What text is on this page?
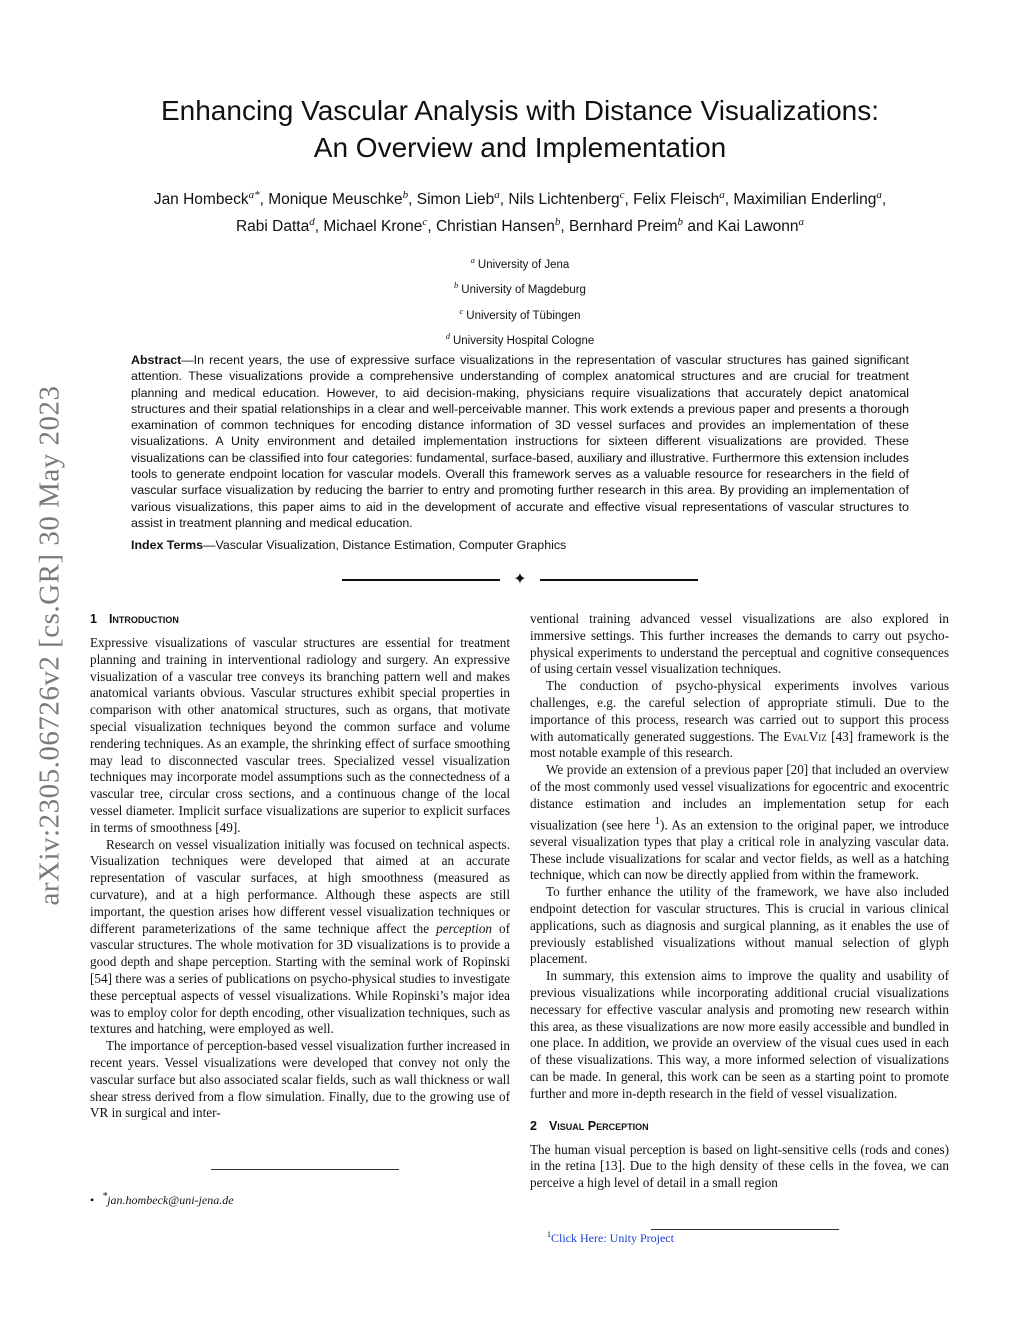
arXiv:2305.06726v2 [cs.GR] 30 May 2023
Enhancing Vascular Analysis with Distance Visualizations:
An Overview and Implementation
Jan Hombeck$^{a*}$, Monique Meuschke$^b$, Simon Lieb$^a$, Nils Lichtenberg$^c$, Felix Fleisch$^a$, Maximilian Enderling$^a$,
Rabi Datta$^d$, Michael Krone$^c$, Christian Hansen$^b$, Bernhard Preim$^b$ and Kai Lawonn$^a$
$^a$ University of Jena
$^b$ University of Magdeburg
$^c$ University of Tübingen
$^d$ University Hospital Cologne
Abstract—In recent years, the use of expressive surface visualizations in the representation of vascular structures has gained significant attention. These visualizations provide a comprehensive understanding of complex anatomical structures and are crucial for treatment planning and medical education. However, to aid decision-making, physicians require visualizations that accurately depict anatomical structures and their spatial relationships in a clear and well-perceivable manner. This work extends a previous paper and presents a thorough examination of common techniques for encoding distance information of 3D vessel surfaces and provides an implementation of these visualizations. A Unity environment and detailed implementation instructions for sixteen different visualizations are provided. These visualizations can be classified into four categories: fundamental, surface-based, auxiliary and illustrative. Furthermore this extension includes tools to generate endpoint location for vascular models. Overall this framework serves as a valuable resource for researchers in the field of vascular surface visualization by reducing the barrier to entry and promoting further research in this area. By providing an implementation of various visualizations, this paper aims to aid in the development of accurate and effective visual representations of vascular structures to assist in treatment planning and medical education.
Index Terms—Vascular Visualization, Distance Estimation, Computer Graphics
✦
1 Introduction

Expressive visualizations of vascular structures are essential for treatment planning and training in interventional radiology and surgery. An expressive visualization of a vascular tree conveys its branching pattern well and makes anatomical variants obvious. Vascular structures exhibit special properties in comparison with other anatomical structures, such as organs, that motivate special visualization techniques beyond the common surface and volume rendering techniques. As an example, the shrinking effect of surface smoothing may lead to disconnected vascular trees. Specialized vessel visualization techniques may incorporate model assumptions such as the connectedness of a vascular tree, circular cross sections, and a continuous change of the local vessel diameter. Implicit surface visualizations are superior to explicit surfaces in terms of smoothness [49].

Research on vessel visualization initially was focused on technical aspects. Visualization techniques were developed that aimed at an accurate representation of vascular surfaces, at high smoothness (measured as curvature), and at a high performance. Although these aspects are still important, the question arises how different vessel visualization techniques or different parameterizations of the same technique affect the perception of vascular structures. The whole motivation for 3D visualizations is to provide a good depth and shape perception. Starting with the seminal work of Ropinski [54] there was a series of publications on psycho-physical studies to investigate these perceptual aspects of vessel visualizations. While Ropinski’s major idea was to employ color for depth encoding, other visualization techniques, such as textures and hatching, were employed as well.

The importance of perception-based vessel visualization further increased in recent years. Vessel visualizations were developed that convey not only the vascular surface but also associated scalar fields, such as wall thickness or wall shear stress derived from a flow simulation. Finally, due to the growing use of VR in surgical and inter-

ventional training advanced vessel visualizations are also explored in immersive settings. This further increases the demands to carry out psycho-physical experiments to understand the perceptual and cognitive consequences of using certain vessel visualization techniques.

The conduction of psycho-physical experiments involves various challenges, e.g. the careful selection of appropriate stimuli. Due to the importance of this process, research was carried out to support this process with automatically generated suggestions. The EvalViz [43] framework is the most notable example of this research.

We provide an extension of a previous paper [20] that included an overview of the most commonly used vessel visualizations for egocentric and exocentric distance estimation and includes an implementation setup for each visualization (see here $^1$). As an extension to the original paper, we introduce several visualization types that play a critical role in analyzing vascular data. These include visualizations for scalar and vector fields, as well as a hatching technique, which can now be directly applied from within the framework.

To further enhance the utility of the framework, we have also included endpoint detection for vascular structures. This is crucial in various clinical applications, such as diagnosis and surgical planning, as it enables the use of previously established visualizations without manual selection of glyph placement.

In summary, this extension aims to improve the quality and usability of previous visualizations while incorporating additional crucial visualizations necessary for effective vascular analysis and promoting new research within this area, as these visualizations are now more easily accessible and bundled in one place. In addition, we provide an overview of the visual cues used in each of these visualizations. This way, a more informed selection of visualizations can be made. In general, this work can be seen as a starting point to promote further and more in-depth research in the field of vessel visualization.

2 Visual Perception

The human visual perception is based on light-sensitive cells (rods and cones) in the retina [13]. Due to the high density of these cells in the fovea, we can perceive a high level of detail in a small region

• *jan.hombeck@uni-jena.de
$^1$Click Here: Unity Project
